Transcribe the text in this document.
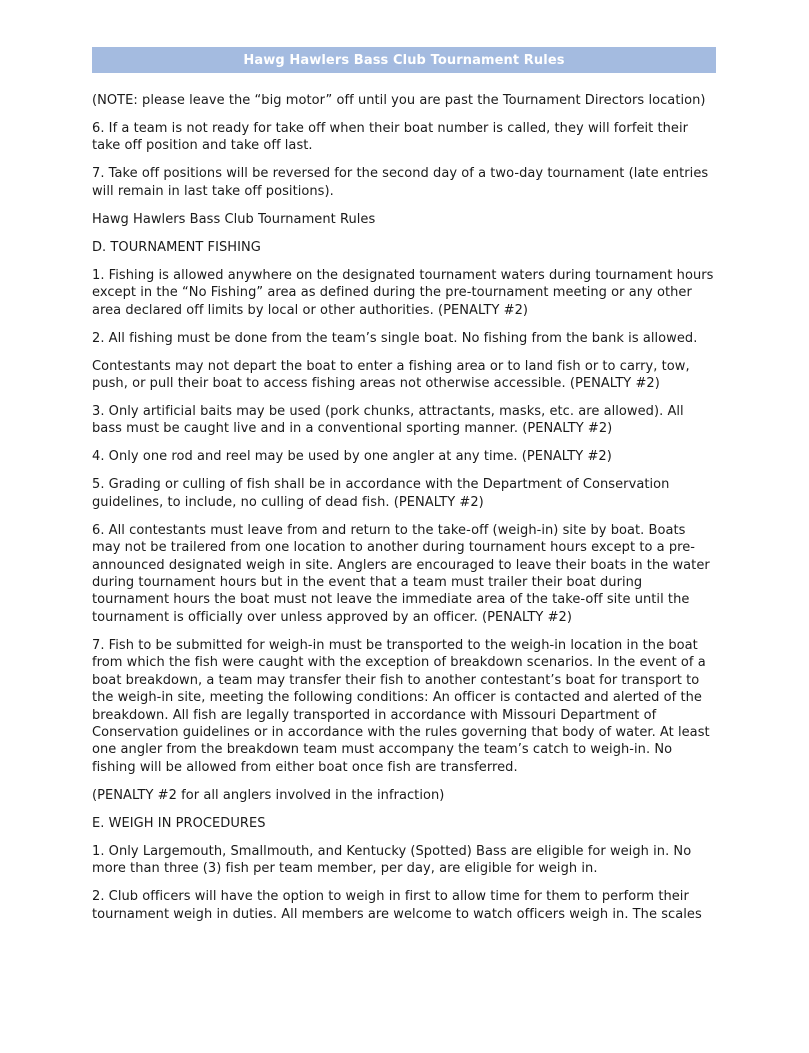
Hawg Hawlers Bass Club Tournament Rules

(NOTE: please leave the “big motor” off until you are past the Tournament Directors location)

6. If a team is not ready for take off when their boat number is called, they will forfeit their take off position and take off last.

7. Take off positions will be reversed for the second day of a two-day tournament (late entries will remain in last take off positions).

Hawg Hawlers Bass Club Tournament Rules

D. TOURNAMENT FISHING

1. Fishing is allowed anywhere on the designated tournament waters during tournament hours except in the “No Fishing” area as defined during the pre-tournament meeting or any other area declared off limits by local or other authorities. (PENALTY #2)

2. All fishing must be done from the team’s single boat. No fishing from the bank is allowed.

Contestants may not depart the boat to enter a fishing area or to land fish or to carry, tow, push, or pull their boat to access fishing areas not otherwise accessible. (PENALTY #2)

3. Only artificial baits may be used (pork chunks, attractants, masks, etc. are allowed). All bass must be caught live and in a conventional sporting manner. (PENALTY #2)

4. Only one rod and reel may be used by one angler at any time. (PENALTY #2)

5. Grading or culling of fish shall be in accordance with the Department of Conservation guidelines, to include, no culling of dead fish. (PENALTY #2)

6. All contestants must leave from and return to the take-off (weigh-in) site by boat. Boats may not be trailered from one location to another during tournament hours except to a pre-announced designated weigh in site. Anglers are encouraged to leave their boats in the water during tournament hours but in the event that a team must trailer their boat during tournament hours the boat must not leave the immediate area of the take-off site until the tournament is officially over unless approved by an officer. (PENALTY #2)

7. Fish to be submitted for weigh-in must be transported to the weigh-in location in the boat from which the fish were caught with the exception of breakdown scenarios. In the event of a boat breakdown, a team may transfer their fish to another contestant’s boat for transport to the weigh-in site, meeting the following conditions: An officer is contacted and alerted of the breakdown. All fish are legally transported in accordance with Missouri Department of Conservation guidelines or in accordance with the rules governing that body of water. At least one angler from the breakdown team must accompany the team’s catch to weigh-in. No fishing will be allowed from either boat once fish are transferred.

(PENALTY #2 for all anglers involved in the infraction)

E. WEIGH IN PROCEDURES

1. Only Largemouth, Smallmouth, and Kentucky (Spotted) Bass are eligible for weigh in. No more than three (3) fish per team member, per day, are eligible for weigh in.

2. Club officers will have the option to weigh in first to allow time for them to perform their tournament weigh in duties. All members are welcome to watch officers weigh in. The scales
